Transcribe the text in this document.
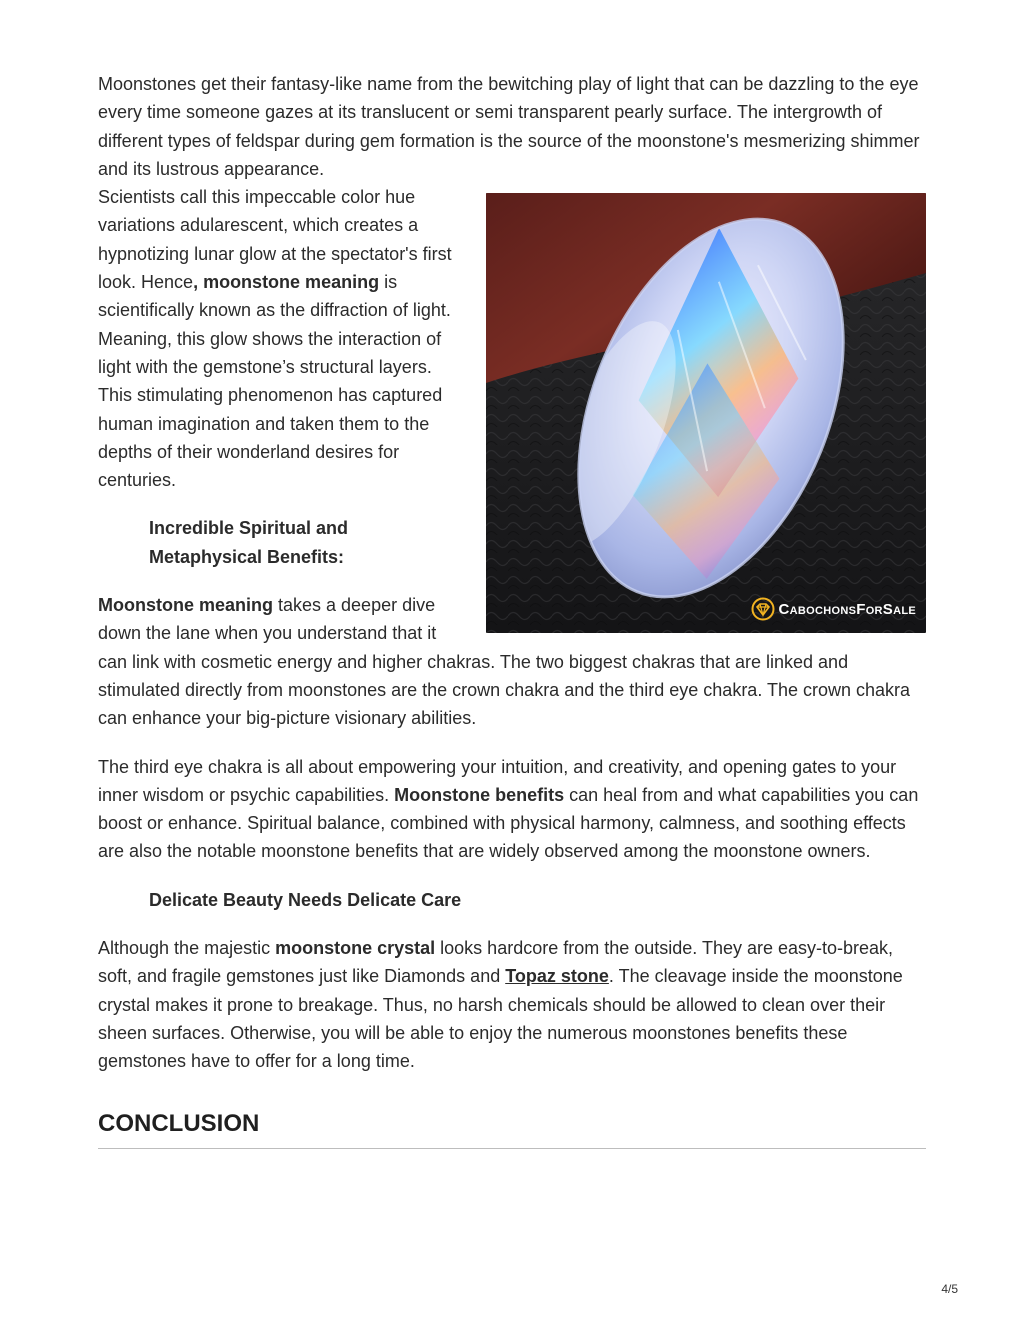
Moonstones get their fantasy-like name from the bewitching play of light that can be dazzling to the eye every time someone gazes at its translucent or semi transparent pearly surface. The intergrowth of different types of feldspar during gem formation is the source of the moonstone's mesmerizing shimmer and its lustrous appearance.

CabochonsForSale

Scientists call this impeccable color hue variations adularescent, which creates a hypnotizing lunar glow at the spectator's first look. Hence, moonstone meaning is scientifically known as the diffraction of light. Meaning, this glow shows the interaction of light with the gemstone’s structural layers. This stimulating phenomenon has captured human imagination and taken them to the depths of their wonderland desires for centuries.

Incredible Spiritual and Metaphysical Benefits:

Moonstone meaning takes a deeper dive down the lane when you understand that it can link with cosmetic energy and higher chakras. The two biggest chakras that are linked and stimulated directly from moonstones are the crown chakra and the third eye chakra. The crown chakra can enhance your big-picture visionary abilities.

The third eye chakra is all about empowering your intuition, and creativity, and opening gates to your inner wisdom or psychic capabilities. Moonstone benefits can heal from and what capabilities you can boost or enhance. Spiritual balance, combined with physical harmony, calmness, and soothing effects are also the notable moonstone benefits that are widely observed among the moonstone owners.

Delicate Beauty Needs Delicate Care

Although the majestic moonstone crystal looks hardcore from the outside. They are easy-to-break, soft, and fragile gemstones just like Diamonds and Topaz stone. The cleavage inside the moonstone crystal makes it prone to breakage. Thus, no harsh chemicals should be allowed to clean over their sheen surfaces. Otherwise, you will be able to enjoy the numerous moonstones benefits these gemstones have to offer for a long time.

CONCLUSION
4/5
